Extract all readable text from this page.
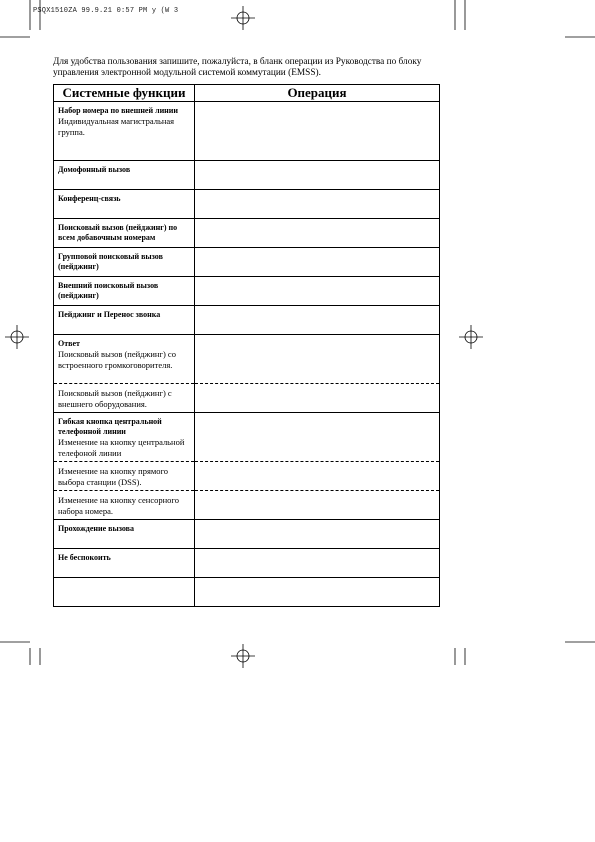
PSQX1510ZA 99.9.21 0:57 PM y (W 3
Для удобства пользования запишите, пожалуйста, в бланк операции из Руководства по блоку управления электронной модульной системой коммутации (EMSS).
Системные функции	Операция

Набор номера по внешней линии
Индивидуальная магистральная группа.	

Домофонный вызов	

Конференц-связь	

Поисковый вызов (пейджинг) по всем добавочным номерам	

Групповой поисковый вызов (пейджинг)	

Внешний поисковый вызов (пейджинг)	

Пейджинг и Перенос звонка	

Ответ
Поисковый вызов (пейджинг) со встроенного громкоговорителя.	

Поисковый вызов (пейджинг) с внешнего оборудования.	

Гибкая кнопка центральной телефонной линии
Изменение на кнопку центральной телефоной линии	

Изменение на кнопку прямого выбора станции (DSS).	

Изменение на кнопку сенсорного набора номера.	

Прохождение вызова	

Не беспокоить	
